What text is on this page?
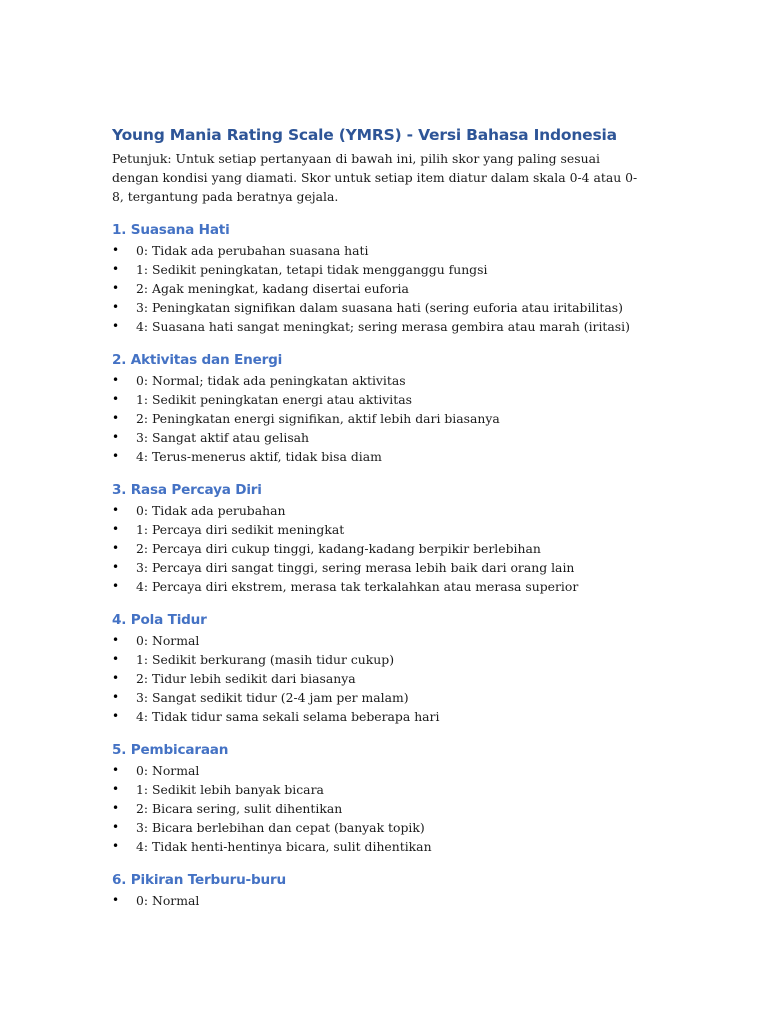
Young Mania Rating Scale (YMRS) - Versi Bahasa Indonesia

Petunjuk: Untuk setiap pertanyaan di bawah ini, pilih skor yang paling sesuai dengan kondisi yang diamati. Skor untuk setiap item diatur dalam skala 0-4 atau 0-8, tergantung pada beratnya gejala.

1. Suasana Hati
• 0: Tidak ada perubahan suasana hati
• 1: Sedikit peningkatan, tetapi tidak mengganggu fungsi
• 2: Agak meningkat, kadang disertai euforia
• 3: Peningkatan signifikan dalam suasana hati (sering euforia atau iritabilitas)
• 4: Suasana hati sangat meningkat; sering merasa gembira atau marah (iritasi)
2. Aktivitas dan Energi
• 0: Normal; tidak ada peningkatan aktivitas
• 1: Sedikit peningkatan energi atau aktivitas
• 2: Peningkatan energi signifikan, aktif lebih dari biasanya
• 3: Sangat aktif atau gelisah
• 4: Terus-menerus aktif, tidak bisa diam
3. Rasa Percaya Diri
• 0: Tidak ada perubahan
• 1: Percaya diri sedikit meningkat
• 2: Percaya diri cukup tinggi, kadang-kadang berpikir berlebihan
• 3: Percaya diri sangat tinggi, sering merasa lebih baik dari orang lain
• 4: Percaya diri ekstrem, merasa tak terkalahkan atau merasa superior
4. Pola Tidur
• 0: Normal
• 1: Sedikit berkurang (masih tidur cukup)
• 2: Tidur lebih sedikit dari biasanya
• 3: Sangat sedikit tidur (2-4 jam per malam)
• 4: Tidak tidur sama sekali selama beberapa hari
5. Pembicaraan
• 0: Normal
• 1: Sedikit lebih banyak bicara
• 2: Bicara sering, sulit dihentikan
• 3: Bicara berlebihan dan cepat (banyak topik)
• 4: Tidak henti-hentinya bicara, sulit dihentikan
6. Pikiran Terburu-buru
• 0: Normal
